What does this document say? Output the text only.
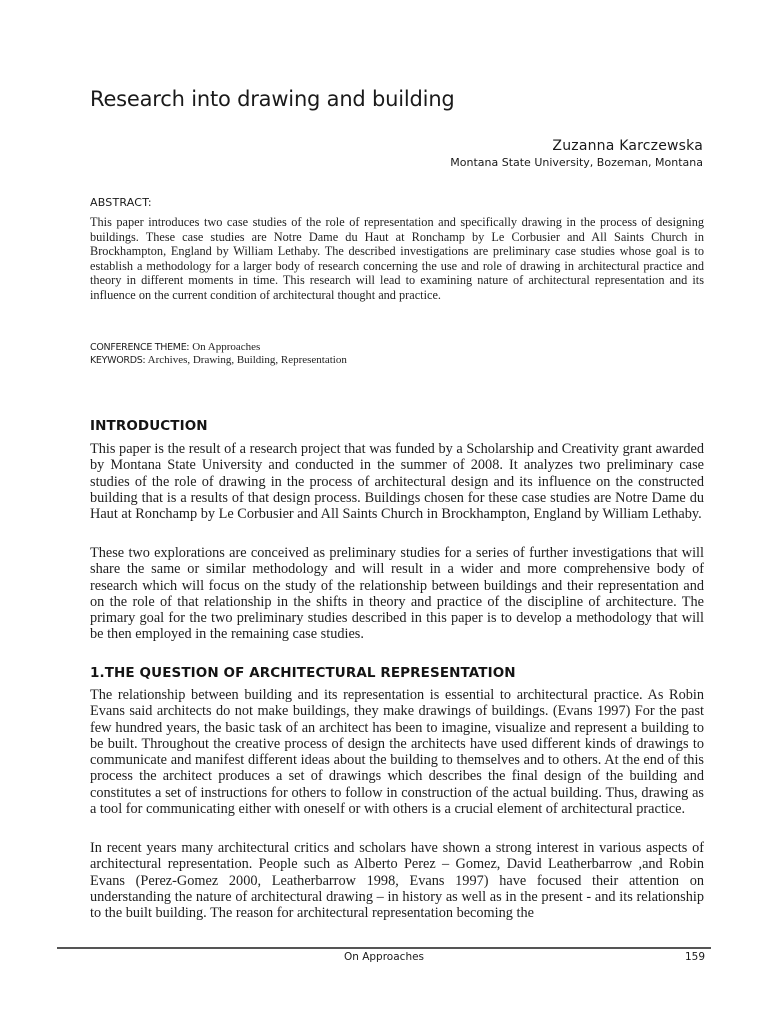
Research into drawing and building
Zuzanna Karczewska
Montana State University, Bozeman, Montana
ABSTRACT:

This paper introduces two case studies of the role of representation and specifically drawing in the process of designing buildings. These case studies are Notre Dame du Haut at Ronchamp by Le Corbusier and All Saints Church in Brockhampton, England by William Lethaby. The described investigations are preliminary case studies whose goal is to establish a methodology for a larger body of research concerning the use and role of drawing in architectural practice and theory in different moments in time. This research will lead to examining nature of architectural representation and its influence on the current condition of architectural thought and practice.

CONFERENCE THEME: On Approaches
KEYWORDS: Archives, Drawing, Building, Representation
INTRODUCTION

This paper is the result of a research project that was funded by a Scholarship and Creativity grant awarded by Montana State University and conducted in the summer of 2008. It analyzes two preliminary case studies of the role of drawing in the process of architectural design and its influence on the constructed building that is a results of that design process. Buildings chosen for these case studies are Notre Dame du Haut at Ronchamp by Le Corbusier and All Saints Church in Brockhampton, England by William Lethaby.

These two explorations are conceived as preliminary studies for a series of further investigations that will share the same or similar methodology and will result in a wider and more comprehensive body of research which will focus on the study of the relationship between buildings and their representation and on the role of that relationship in the shifts in theory and practice of the discipline of architecture. The primary goal for the two preliminary studies described in this paper is to develop a methodology that will be then employed in the remaining case studies.

1.THE QUESTION OF ARCHITECTURAL REPRESENTATION

The relationship between building and its representation is essential to architectural practice. As Robin Evans said architects do not make buildings, they make drawings of buildings. (Evans 1997) For the past few hundred years, the basic task of an architect has been to imagine, visualize and represent a building to be built. Throughout the creative process of design the architects have used different kinds of drawings to communicate and manifest different ideas about the building to themselves and to others. At the end of this process the architect produces a set of drawings which describes the final design of the building and constitutes a set of instructions for others to follow in construction of the actual building. Thus, drawing as a tool for communicating either with oneself or with others is a crucial element of architectural practice.

In recent years many architectural critics and scholars have shown a strong interest in various aspects of architectural representation. People such as Alberto Perez – Gomez, David Leatherbarrow ,and Robin Evans (Perez-Gomez 2000, Leatherbarrow 1998, Evans 1997) have focused their attention on understanding the nature of architectural drawing – in history as well as in the present - and its relationship to the built building. The reason for architectural representation becoming the

On Approaches	159
